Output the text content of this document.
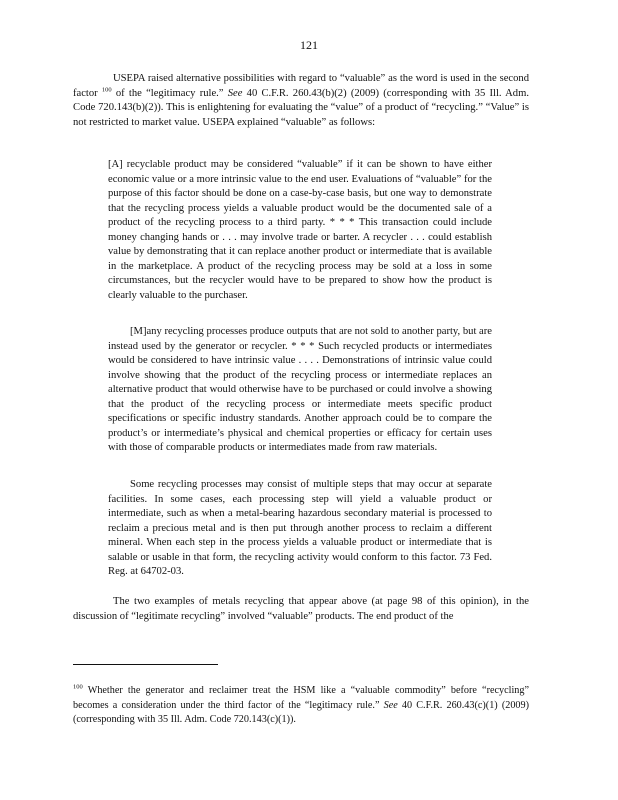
121

USEPA raised alternative possibilities with regard to “valuable” as the word is used in the second factor $^{100}$ of the “legitimacy rule.” See 40 C.F.R. 260.43(b)(2) (2009) (corresponding with 35 Ill. Adm. Code 720.143(b)(2)). This is enlightening for evaluating the “value” of a product of “recycling.” “Value” is not restricted to market value. USEPA explained “valuable” as follows:

[A] recyclable product may be considered “valuable” if it can be shown to have either economic value or a more intrinsic value to the end user. Evaluations of “valuable” for the purpose of this factor should be done on a case-by-case basis, but one way to demonstrate that the recycling process yields a valuable product would be the documented sale of a product of the recycling process to a third party. * * * This transaction could include money changing hands or . . . may involve trade or barter. A recycler . . . could establish value by demonstrating that it can replace another product or intermediate that is available in the marketplace. A product of the recycling process may be sold at a loss in some circumstances, but the recycler would have to be prepared to show how the product is clearly valuable to the purchaser.

[M]any recycling processes produce outputs that are not sold to another party, but are instead used by the generator or recycler. * * * Such recycled products or intermediates would be considered to have intrinsic value . . . . Demonstrations of intrinsic value could involve showing that the product of the recycling process or intermediate replaces an alternative product that would otherwise have to be purchased or could involve a showing that the product of the recycling process or intermediate meets specific product specifications or specific industry standards. Another approach could be to compare the product’s or intermediate’s physical and chemical properties or efficacy for certain uses with those of comparable products or intermediates made from raw materials.

Some recycling processes may consist of multiple steps that may occur at separate facilities. In some cases, each processing step will yield a valuable product or intermediate, such as when a metal-bearing hazardous secondary material is processed to reclaim a precious metal and is then put through another process to reclaim a different mineral. When each step in the process yields a valuable product or intermediate that is salable or usable in that form, the recycling activity would conform to this factor. 73 Fed. Reg. at 64702-03.

The two examples of metals recycling that appear above (at page 98 of this opinion), in the discussion of “legitimate recycling” involved “valuable” products. The end product of the

$^{100}$ Whether the generator and reclaimer treat the HSM like a “valuable commodity” before “recycling” becomes a consideration under the third factor of the “legitimacy rule.” See 40 C.F.R. 260.43(c)(1) (2009) (corresponding with 35 Ill. Adm. Code 720.143(c)(1)).
